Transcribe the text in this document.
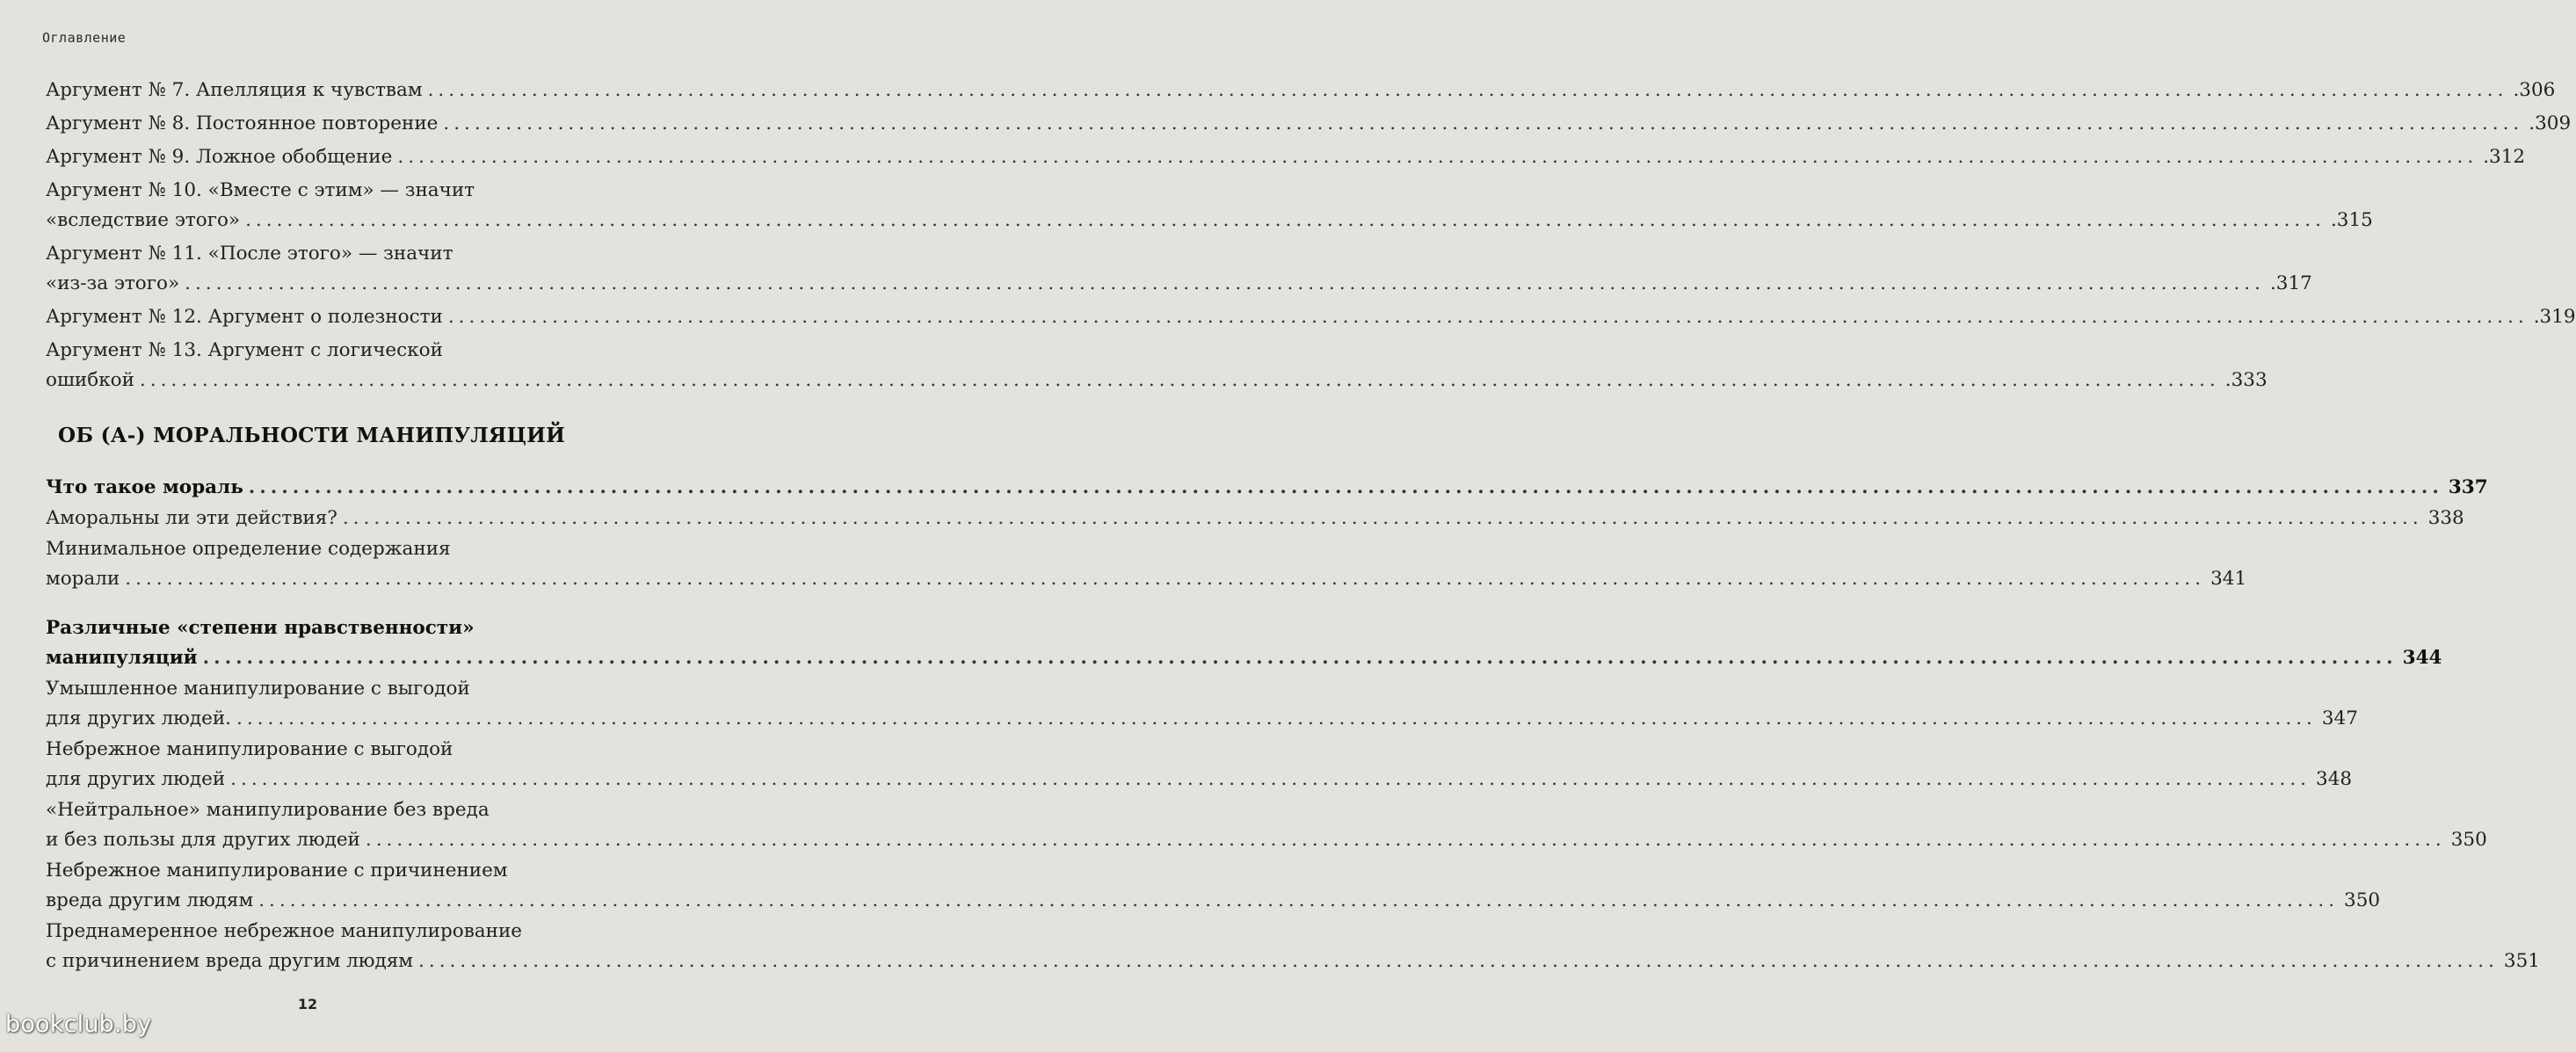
Оглавление
Аргумент № 7. Апелляция к чувствам ........................................................................................................................................................................................................ .306
Аргумент № 8. Постоянное повторение ........................................................................................................................................................................................................ .309
Аргумент № 9. Ложное обобщение ........................................................................................................................................................................................................ .312
Аргумент № 10. «Вместе с этим» — значит
«вследствие этого» ........................................................................................................................................................................................................ .315
Аргумент № 11. «После этого» — значит
«из-за этого» ........................................................................................................................................................................................................ .317
Аргумент № 12. Аргумент о полезности ........................................................................................................................................................................................................ .319
Аргумент № 13. Аргумент с логической
ошибкой ........................................................................................................................................................................................................ .333
ОБ (А-) МОРАЛЬНОСТИ МАНИПУЛЯЦИЙ
Что такое мораль ........................................................................................................................................................................................................ 337
Аморальны ли эти действия? ........................................................................................................................................................................................................ 338
Минимальное определение содержания
морали ........................................................................................................................................................................................................ 341
Различные «степени нравственности»
манипуляций ........................................................................................................................................................................................................ 344
Умышленное манипулирование с выгодой
для других людей. ........................................................................................................................................................................................................ 347
Небрежное манипулирование с выгодой
для других людей ........................................................................................................................................................................................................ 348
«Нейтральное» манипулирование без вреда
и без пользы для других людей ........................................................................................................................................................................................................ 350
Небрежное манипулирование с причинением
вреда другим людям ........................................................................................................................................................................................................ 350
Преднамеренное небрежное манипулирование
с причинением вреда другим людям ........................................................................................................................................................................................................ 351
12
bookclub.by
